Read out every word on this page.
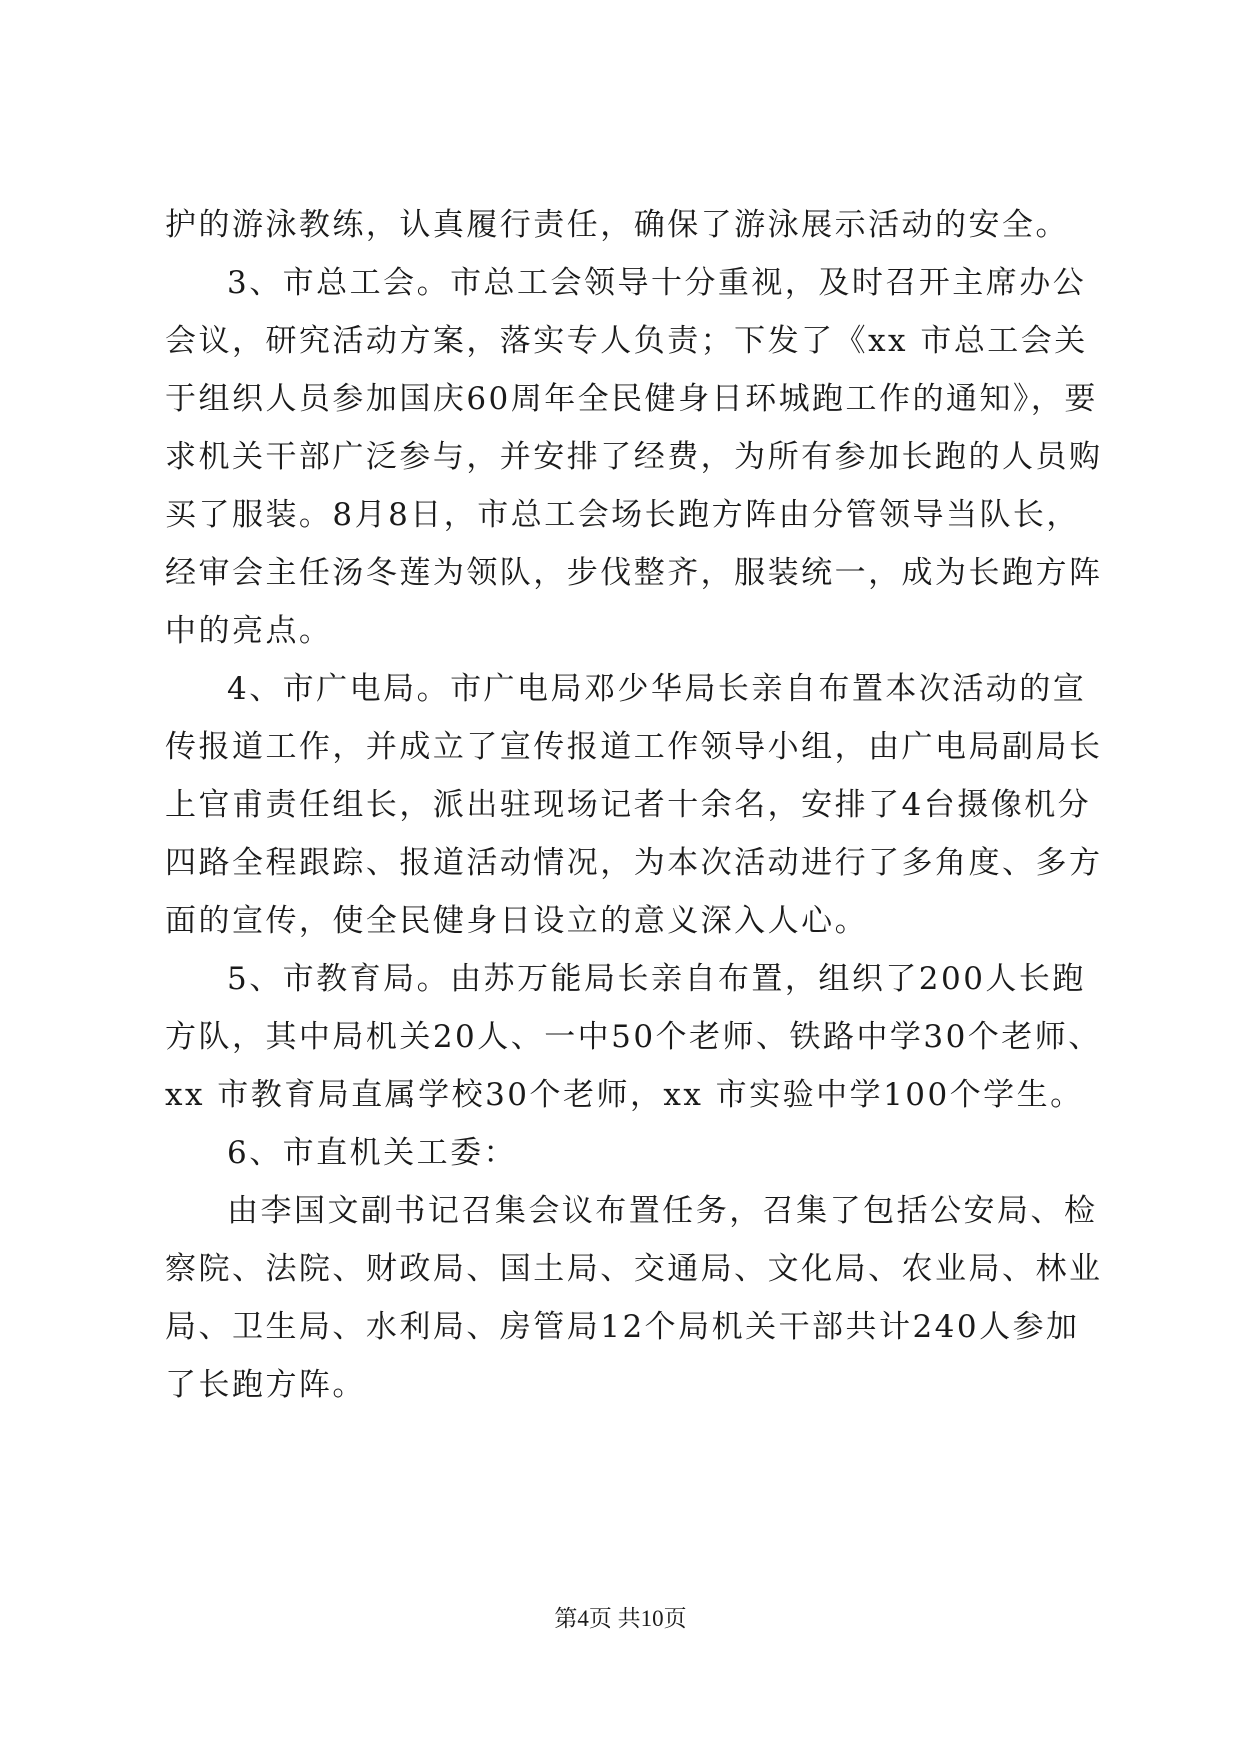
护的游泳教练，认真履行责任，确保了游泳展示活动的安全。
3、市总工会。市总工会领导十分重视，及时召开主席办公
会议，研究活动方案，落实专人负责；下发了《xx 市总工会关
于组织人员参加国庆60周年全民健身日环城跑工作的通知》，要
求机关干部广泛参与，并安排了经费，为所有参加长跑的人员购
买了服装。8月8日，市总工会场长跑方阵由分管领导当队长，
经审会主任汤冬莲为领队，步伐整齐，服装统一，成为长跑方阵
中的亮点。
4、市广电局。市广电局邓少华局长亲自布置本次活动的宣
传报道工作，并成立了宣传报道工作领导小组，由广电局副局长
上官甫责任组长，派出驻现场记者十余名，安排了4台摄像机分
四路全程跟踪、报道活动情况，为本次活动进行了多角度、多方
面的宣传，使全民健身日设立的意义深入人心。
5、市教育局。由苏万能局长亲自布置，组织了200人长跑
方队，其中局机关20人、一中50个老师、铁路中学30个老师、
xx 市教育局直属学校30个老师，xx 市实验中学100个学生。
6、市直机关工委：
由李国文副书记召集会议布置任务，召集了包括公安局、检
察院、法院、财政局、国土局、交通局、文化局、农业局、林业
局、卫生局、水利局、房管局12个局机关干部共计240人参加
了长跑方阵。
第4页 共10页
